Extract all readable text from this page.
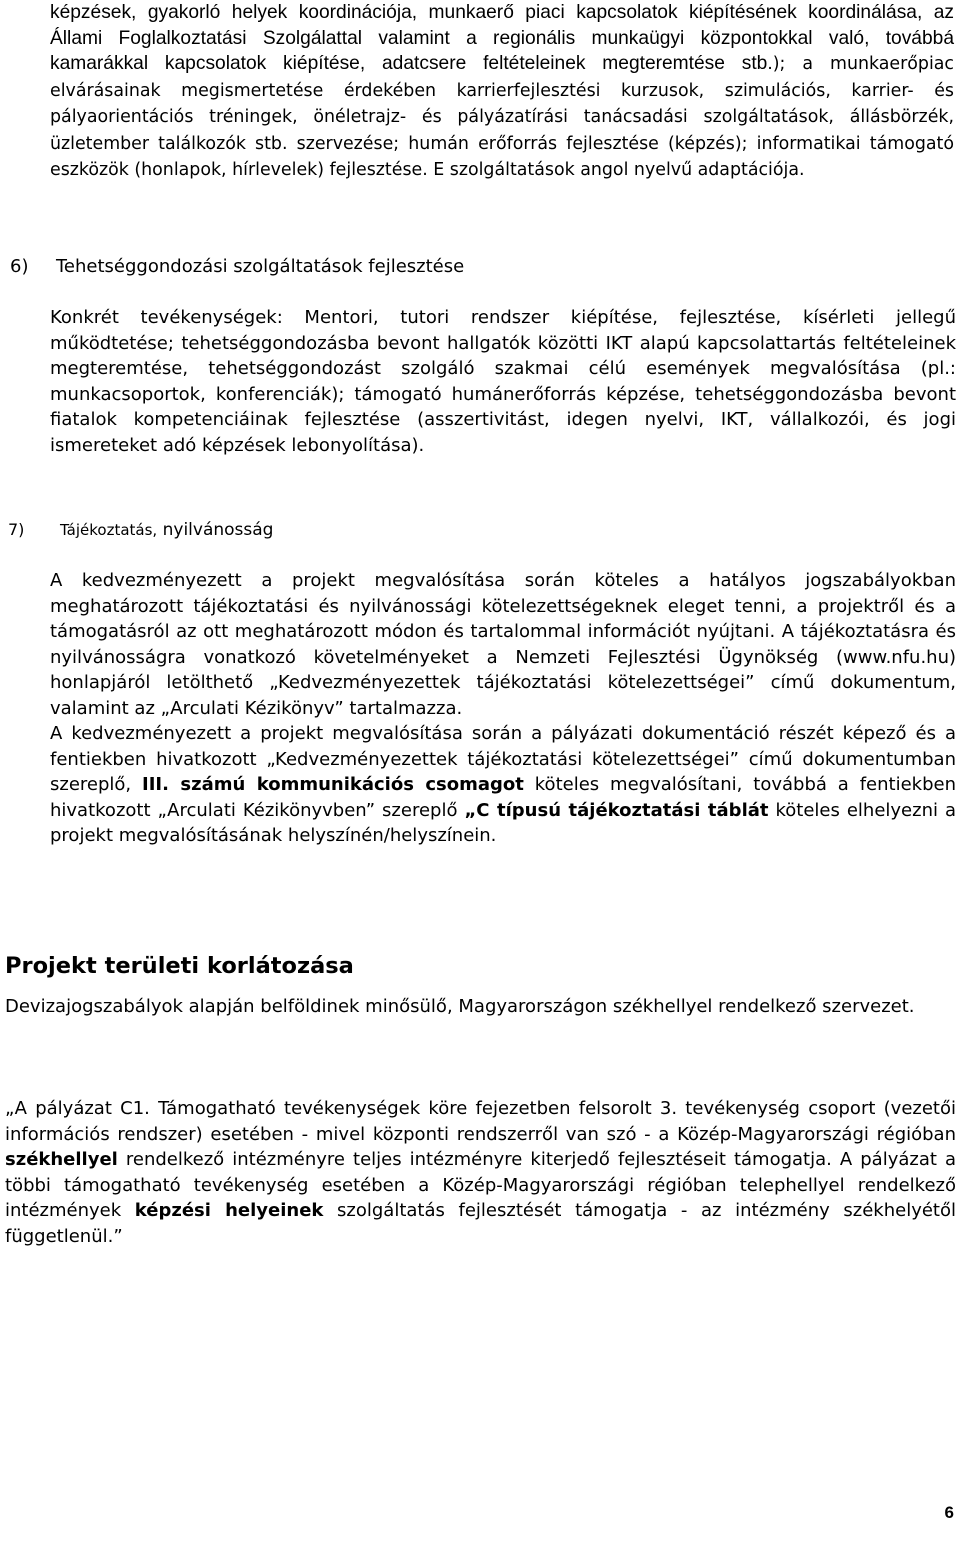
képzések, gyakorló helyek koordinációja, munkaerő piaci kapcsolatok kiépítésének koordinálása, az Állami Foglalkoztatási Szolgálattal valamint a regionális munkaügyi központokkal való, továbbá kamarákkal kapcsolatok kiépítése, adatcsere feltételeinek megteremtése stb.); a munkaerőpiac elvárásainak megismertetése érdekében karrierfejlesztési kurzusok, szimulációs, karrier- és pályaorientációs tréningek, önéletrajz- és pályázatírási tanácsadási szolgáltatások, állásbörzék, üzletember találkozók stb. szervezése; humán erőforrás fejlesztése (képzés); informatikai támogató eszközök (honlapok, hírlevelek) fejlesztése. E szolgáltatások angol nyelvű adaptációja.

6) Tehetséggondozási szolgáltatások fejlesztése

Konkrét tevékenységek: Mentori, tutori rendszer kiépítése, fejlesztése, kísérleti jellegű működtetése; tehetséggondozásba bevont hallgatók közötti IKT alapú kapcsolattartás feltételeinek megteremtése, tehetséggondozást szolgáló szakmai célú események megvalósítása (pl.: munkacsoportok, konferenciák); támogató humánerőforrás képzése, tehetséggondozásba bevont fiatalok kompetenciáinak fejlesztése (asszertivitást, idegen nyelvi, IKT, vállalkozói, és jogi ismereteket adó képzések lebonyolítása).

7) Tájékoztatás, nyilvánosság
A kedvezményezett a projekt megvalósítása során köteles a hatályos jogszabályokban meghatározott tájékoztatási és nyilvánossági kötelezettségeknek eleget tenni, a projektről és a támogatásról az ott meghatározott módon és tartalommal információt nyújtani. A tájékoztatásra és nyilvánosságra vonatkozó követelményeket a Nemzeti Fejlesztési Ügynökség (www.nfu.hu) honlapjáról letölthető „Kedvezményezettek tájékoztatási kötelezettségei” című dokumentum, valamint az „Arculati Kézikönyv” tartalmazza.
A kedvezményezett a projekt megvalósítása során a pályázati dokumentáció részét képező és a fentiekben hivatkozott „Kedvezményezettek tájékoztatási kötelezettségei” című dokumentumban szereplő, III. számú kommunikációs csomagot köteles megvalósítani, továbbá a fentiekben hivatkozott „Arculati Kézikönyvben” szereplő „C típusú tájékoztatási táblát köteles elhelyezni a projekt megvalósításának helyszínén/helyszínein.
Projekt területi korlátozása

Devizajogszabályok alapján belföldinek minősülő, Magyarországon székhellyel rendelkező szervezet.

„A pályázat C1. Támogatható tevékenységek köre fejezetben felsorolt 3. tevékenység csoport (vezetői információs rendszer) esetében - mivel központi rendszerről van szó - a Közép-Magyarországi régióban székhellyel rendelkező intézményre teljes intézményre kiterjedő fejlesztéseit támogatja. A pályázat a többi támogatható tevékenység esetében a Közép-Magyarországi régióban telephellyel rendelkező intézmények képzési helyeinek szolgáltatás fejlesztését támogatja - az intézmény székhelyétől függetlenül.”

6
